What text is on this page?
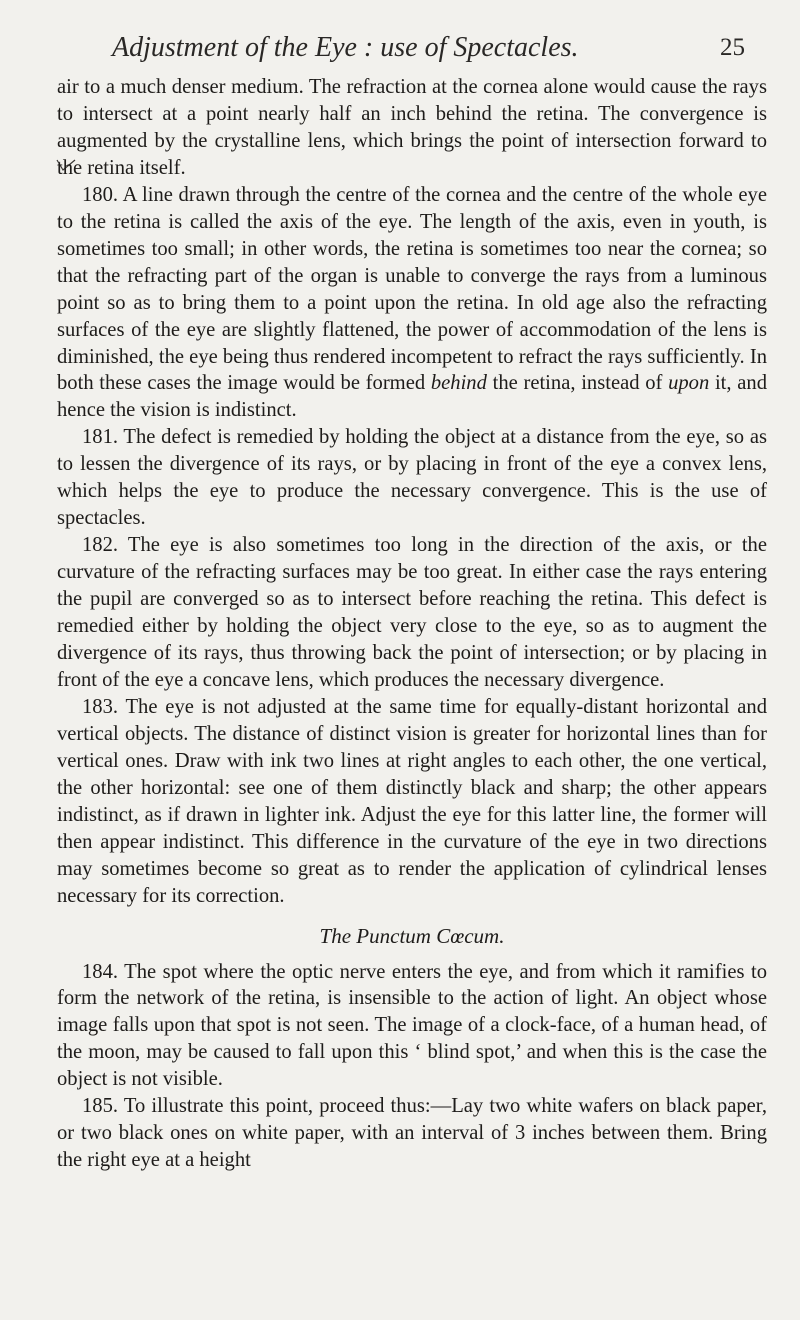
Adjustment of the Eye : use of Spectacles.	25

air to a much denser medium. The refraction at the cornea alone would cause the rays to intersect at a point nearly half an inch behind the retina. The convergence is augmented by the crystalline lens, which brings the point of intersection forward to the retina itself.

180. A line drawn through the centre of the cornea and the centre of the whole eye to the retina is called the axis of the eye. The length of the axis, even in youth, is sometimes too small; in other words, the retina is sometimes too near the cornea; so that the refracting part of the organ is unable to converge the rays from a luminous point so as to bring them to a point upon the retina. In old age also the refracting surfaces of the eye are slightly flattened, the power of accommodation of the lens is diminished, the eye being thus rendered incompetent to refract the rays sufficiently. In both these cases the image would be formed behind the retina, instead of upon it, and hence the vision is indistinct.

181. The defect is remedied by holding the object at a distance from the eye, so as to lessen the divergence of its rays, or by placing in front of the eye a convex lens, which helps the eye to produce the necessary convergence. This is the use of spectacles.

182. The eye is also sometimes too long in the direction of the axis, or the curvature of the refracting surfaces may be too great. In either case the rays entering the pupil are converged so as to intersect before reaching the retina. This defect is remedied either by holding the object very close to the eye, so as to augment the divergence of its rays, thus throwing back the point of intersection; or by placing in front of the eye a concave lens, which produces the necessary divergence.

183. The eye is not adjusted at the same time for equally-distant horizontal and vertical objects. The distance of distinct vision is greater for horizontal lines than for vertical ones. Draw with ink two lines at right angles to each other, the one vertical, the other horizontal: see one of them distinctly black and sharp; the other appears indistinct, as if drawn in lighter ink. Adjust the eye for this latter line, the former will then appear indistinct. This difference in the curvature of the eye in two directions may sometimes become so great as to render the application of cylindrical lenses necessary for its correction.

The Punctum Cœcum.

184. The spot where the optic nerve enters the eye, and from which it ramifies to form the network of the retina, is insensible to the action of light. An object whose image falls upon that spot is not seen. The image of a clock-face, of a human head, of the moon, may be caused to fall upon this ‘ blind spot,’ and when this is the case the object is not visible.

185. To illustrate this point, proceed thus:—Lay two white wafers on black paper, or two black ones on white paper, with an interval of 3 inches between them. Bring the right eye at a height
